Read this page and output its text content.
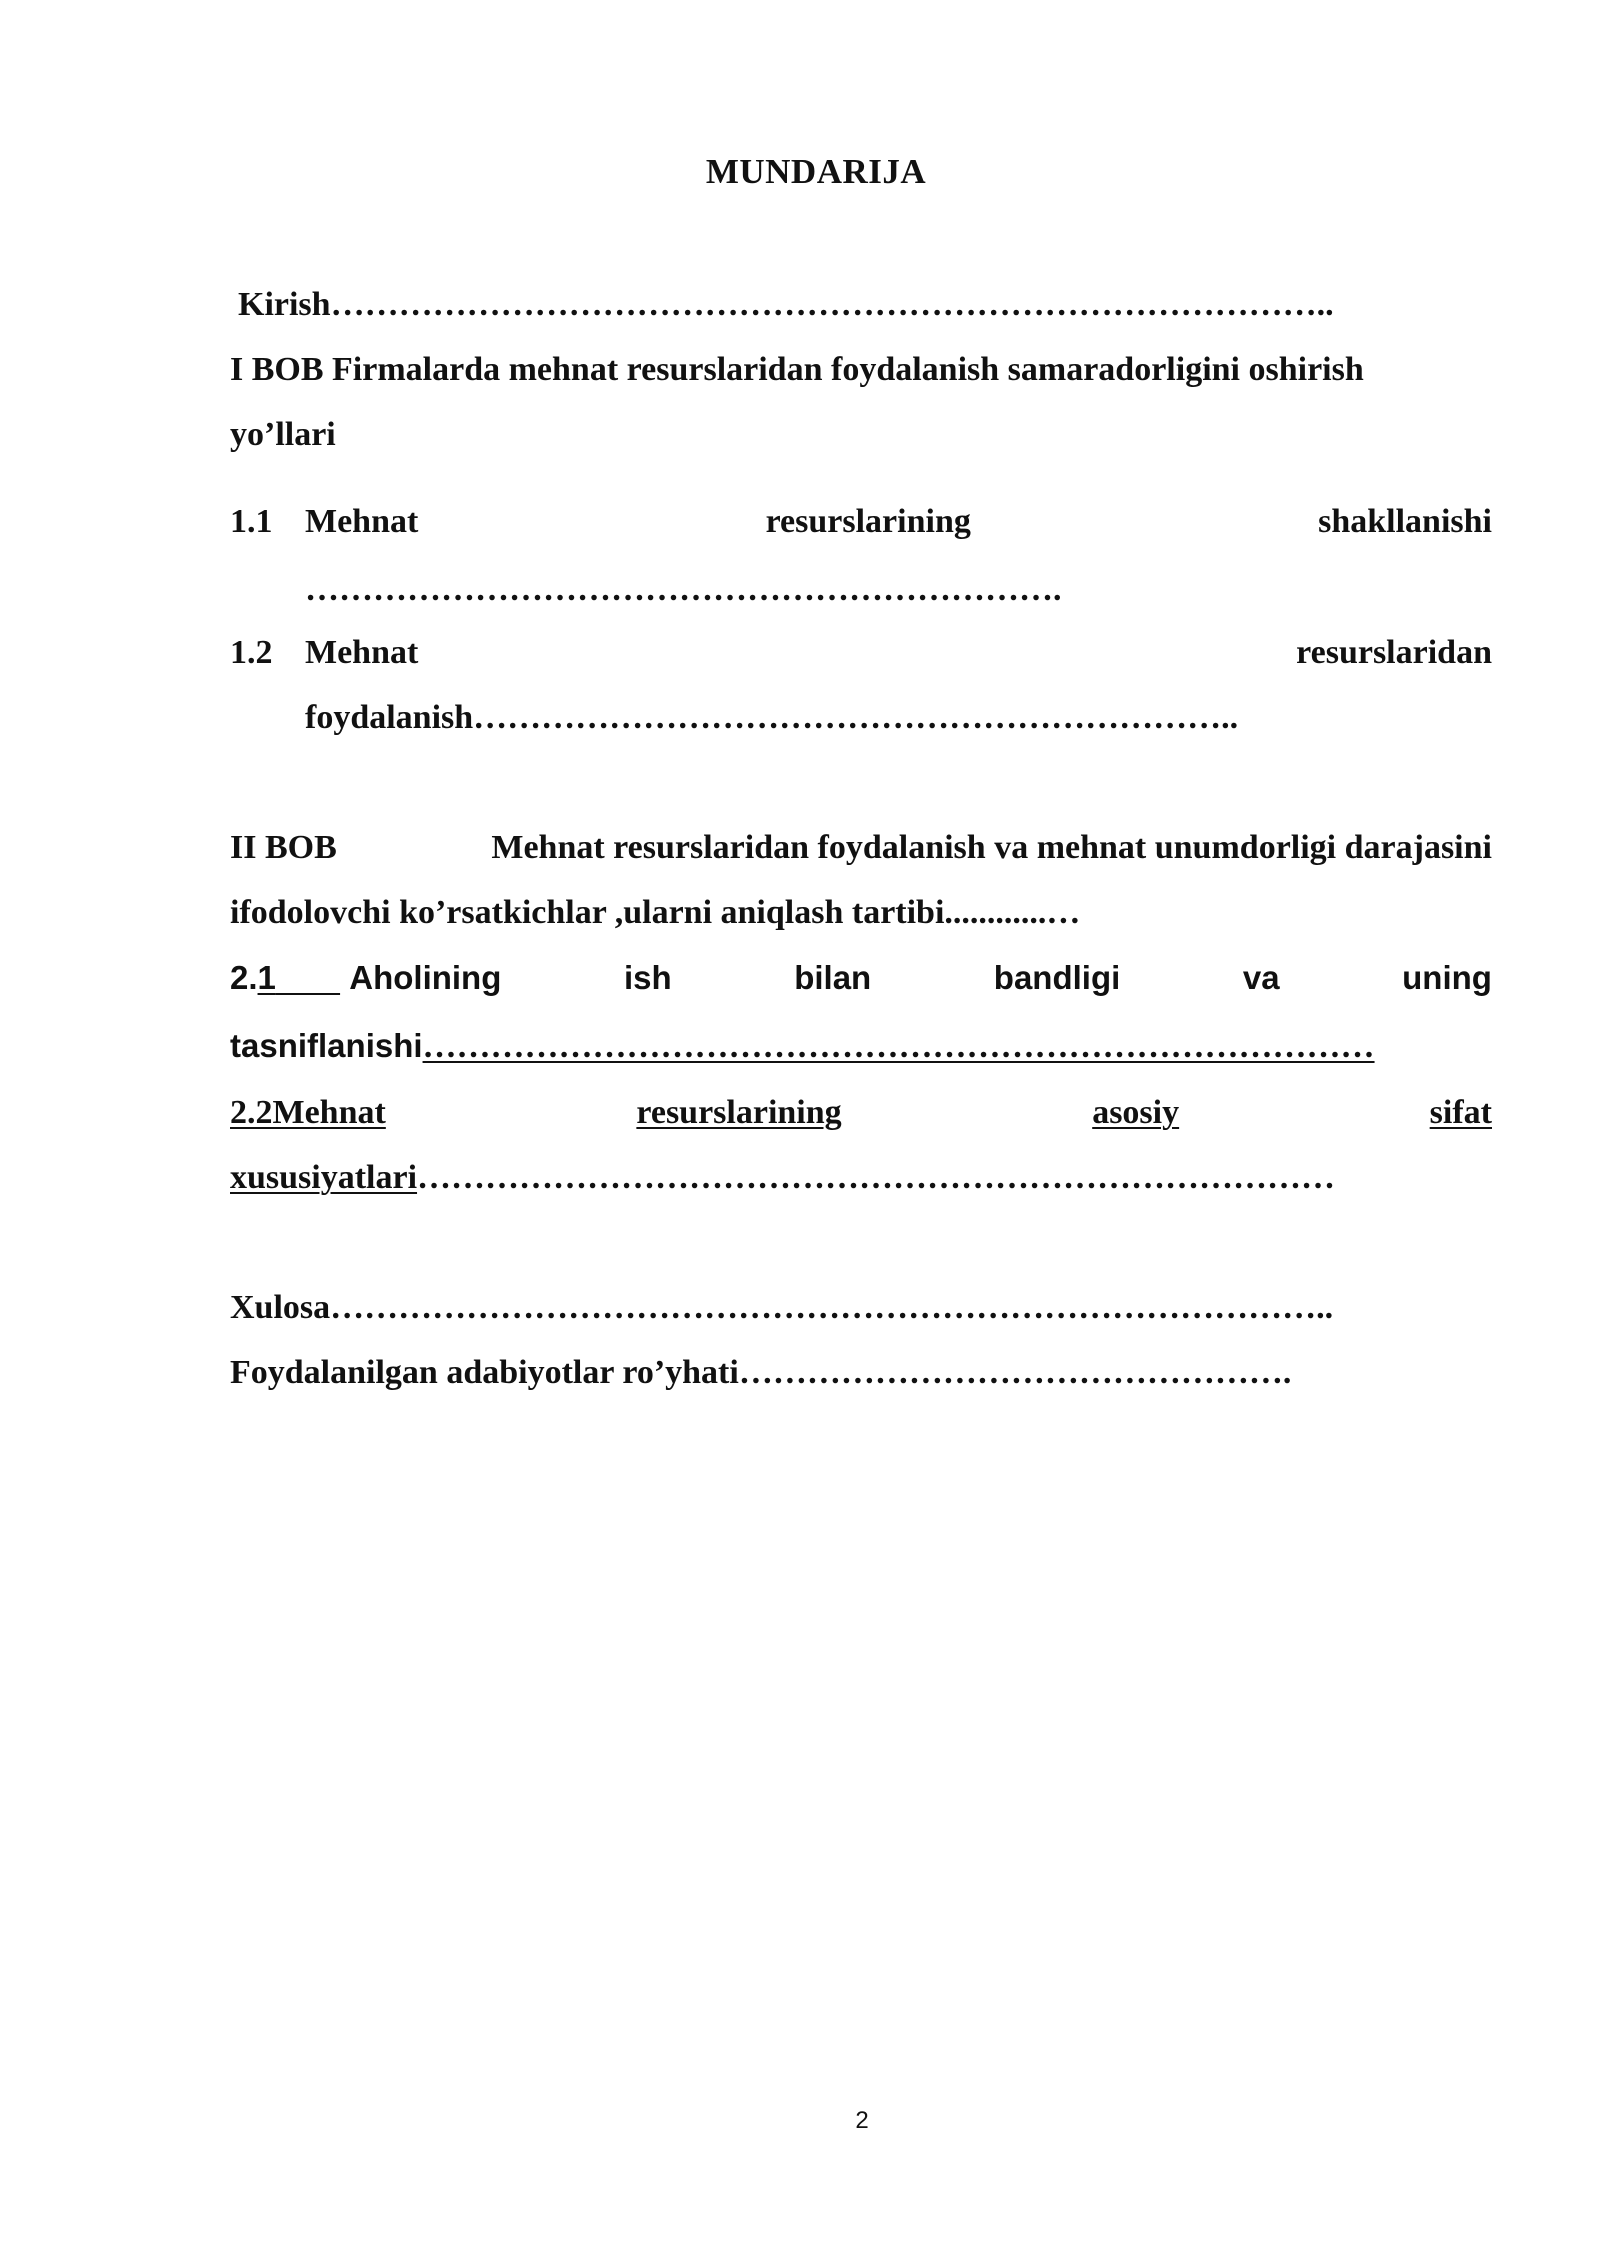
MUNDARIJA
Kirish……………………………………………………………………………..
I BOB Firmalarda mehnat resurslaridan foydalanish samaradorligini oshirish
yo’llari
1.1 Mehnat	resurslarining	shakllanishi
………………………………………………………….
1.2 Mehnat	resurslaridan
foydalanish…………………………………………………………..
II BOB	Mehnat resurslaridan foydalanish va mehnat unumdorligi darajasini
ifodolovchi ko’rsatkichlar ,ularni aniqlash tartibi............…
2.1 Aholining	ish	bilan	bandligi	va	uning
tasniflanishi…………………………………………………………………………
2.2Mehnat	resurslarining	asosiy	sifat
xususiyatlari………………………………………………………………………
Xulosa……………………………………………………………………………..
Foydalanilgan adabiyotlar ro’yhati………………………………………….
2
